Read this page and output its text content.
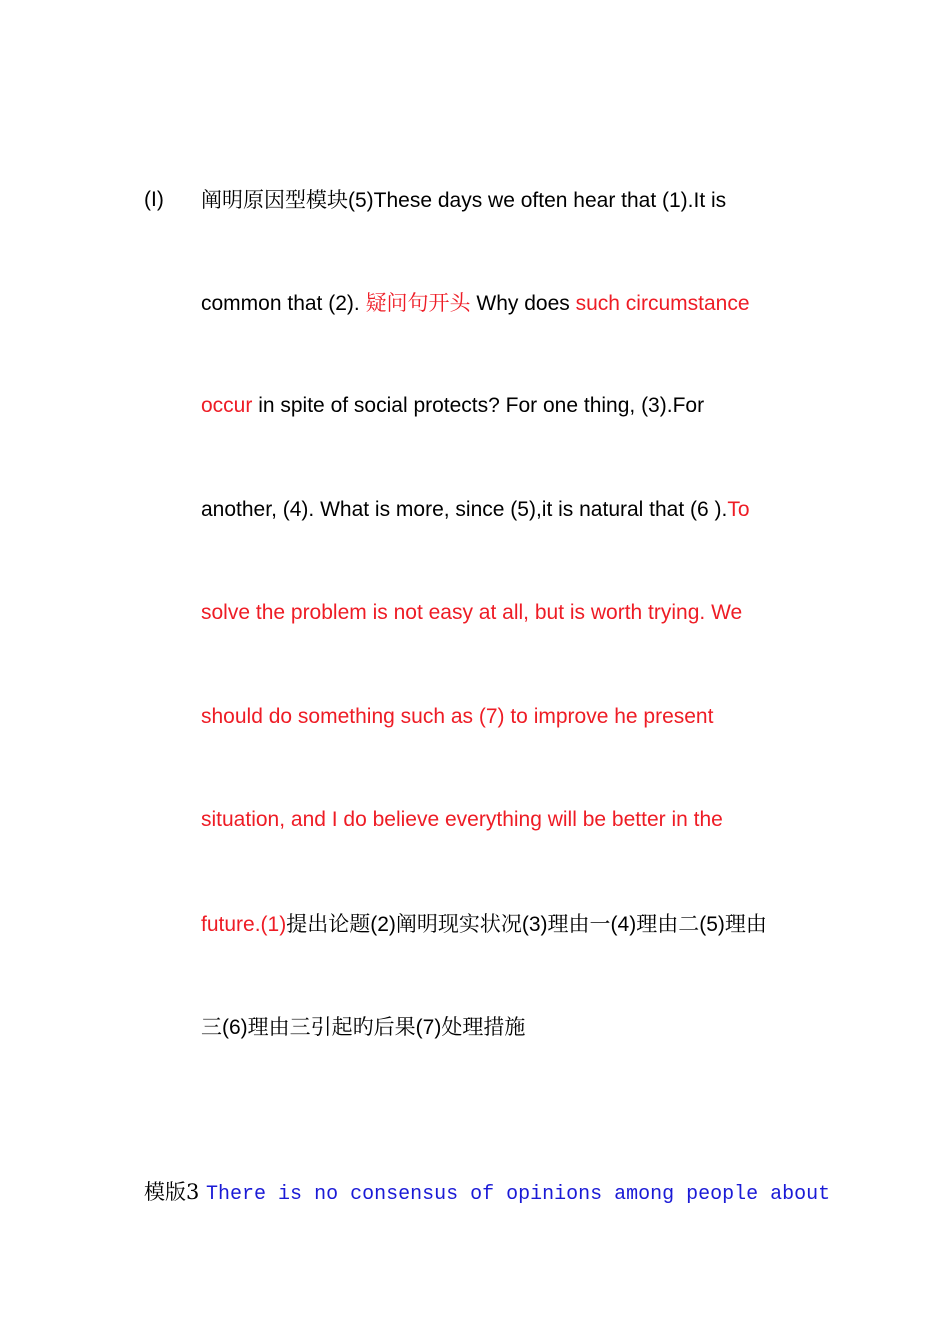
(I) 阐明原因型模块(5)These days we often hear that (1).It is
common that (2). 疑问句开头 Why does such circumstance
occur in spite of social protects? For one thing, (3).For
another, (4). What is more, since (5),it is natural that (6 ).To
solve the problem is not easy at all, but is worth trying. We
should do something such as (7) to improve he present
situation, and I do believe everything will be better in the
future.(1)提出论题(2)阐明现实状况(3)理由一(4)理由二(5)理由
三(6)理由三引起旳后果(7)处理措施
模版3 There is no consensus of opinions among people about
